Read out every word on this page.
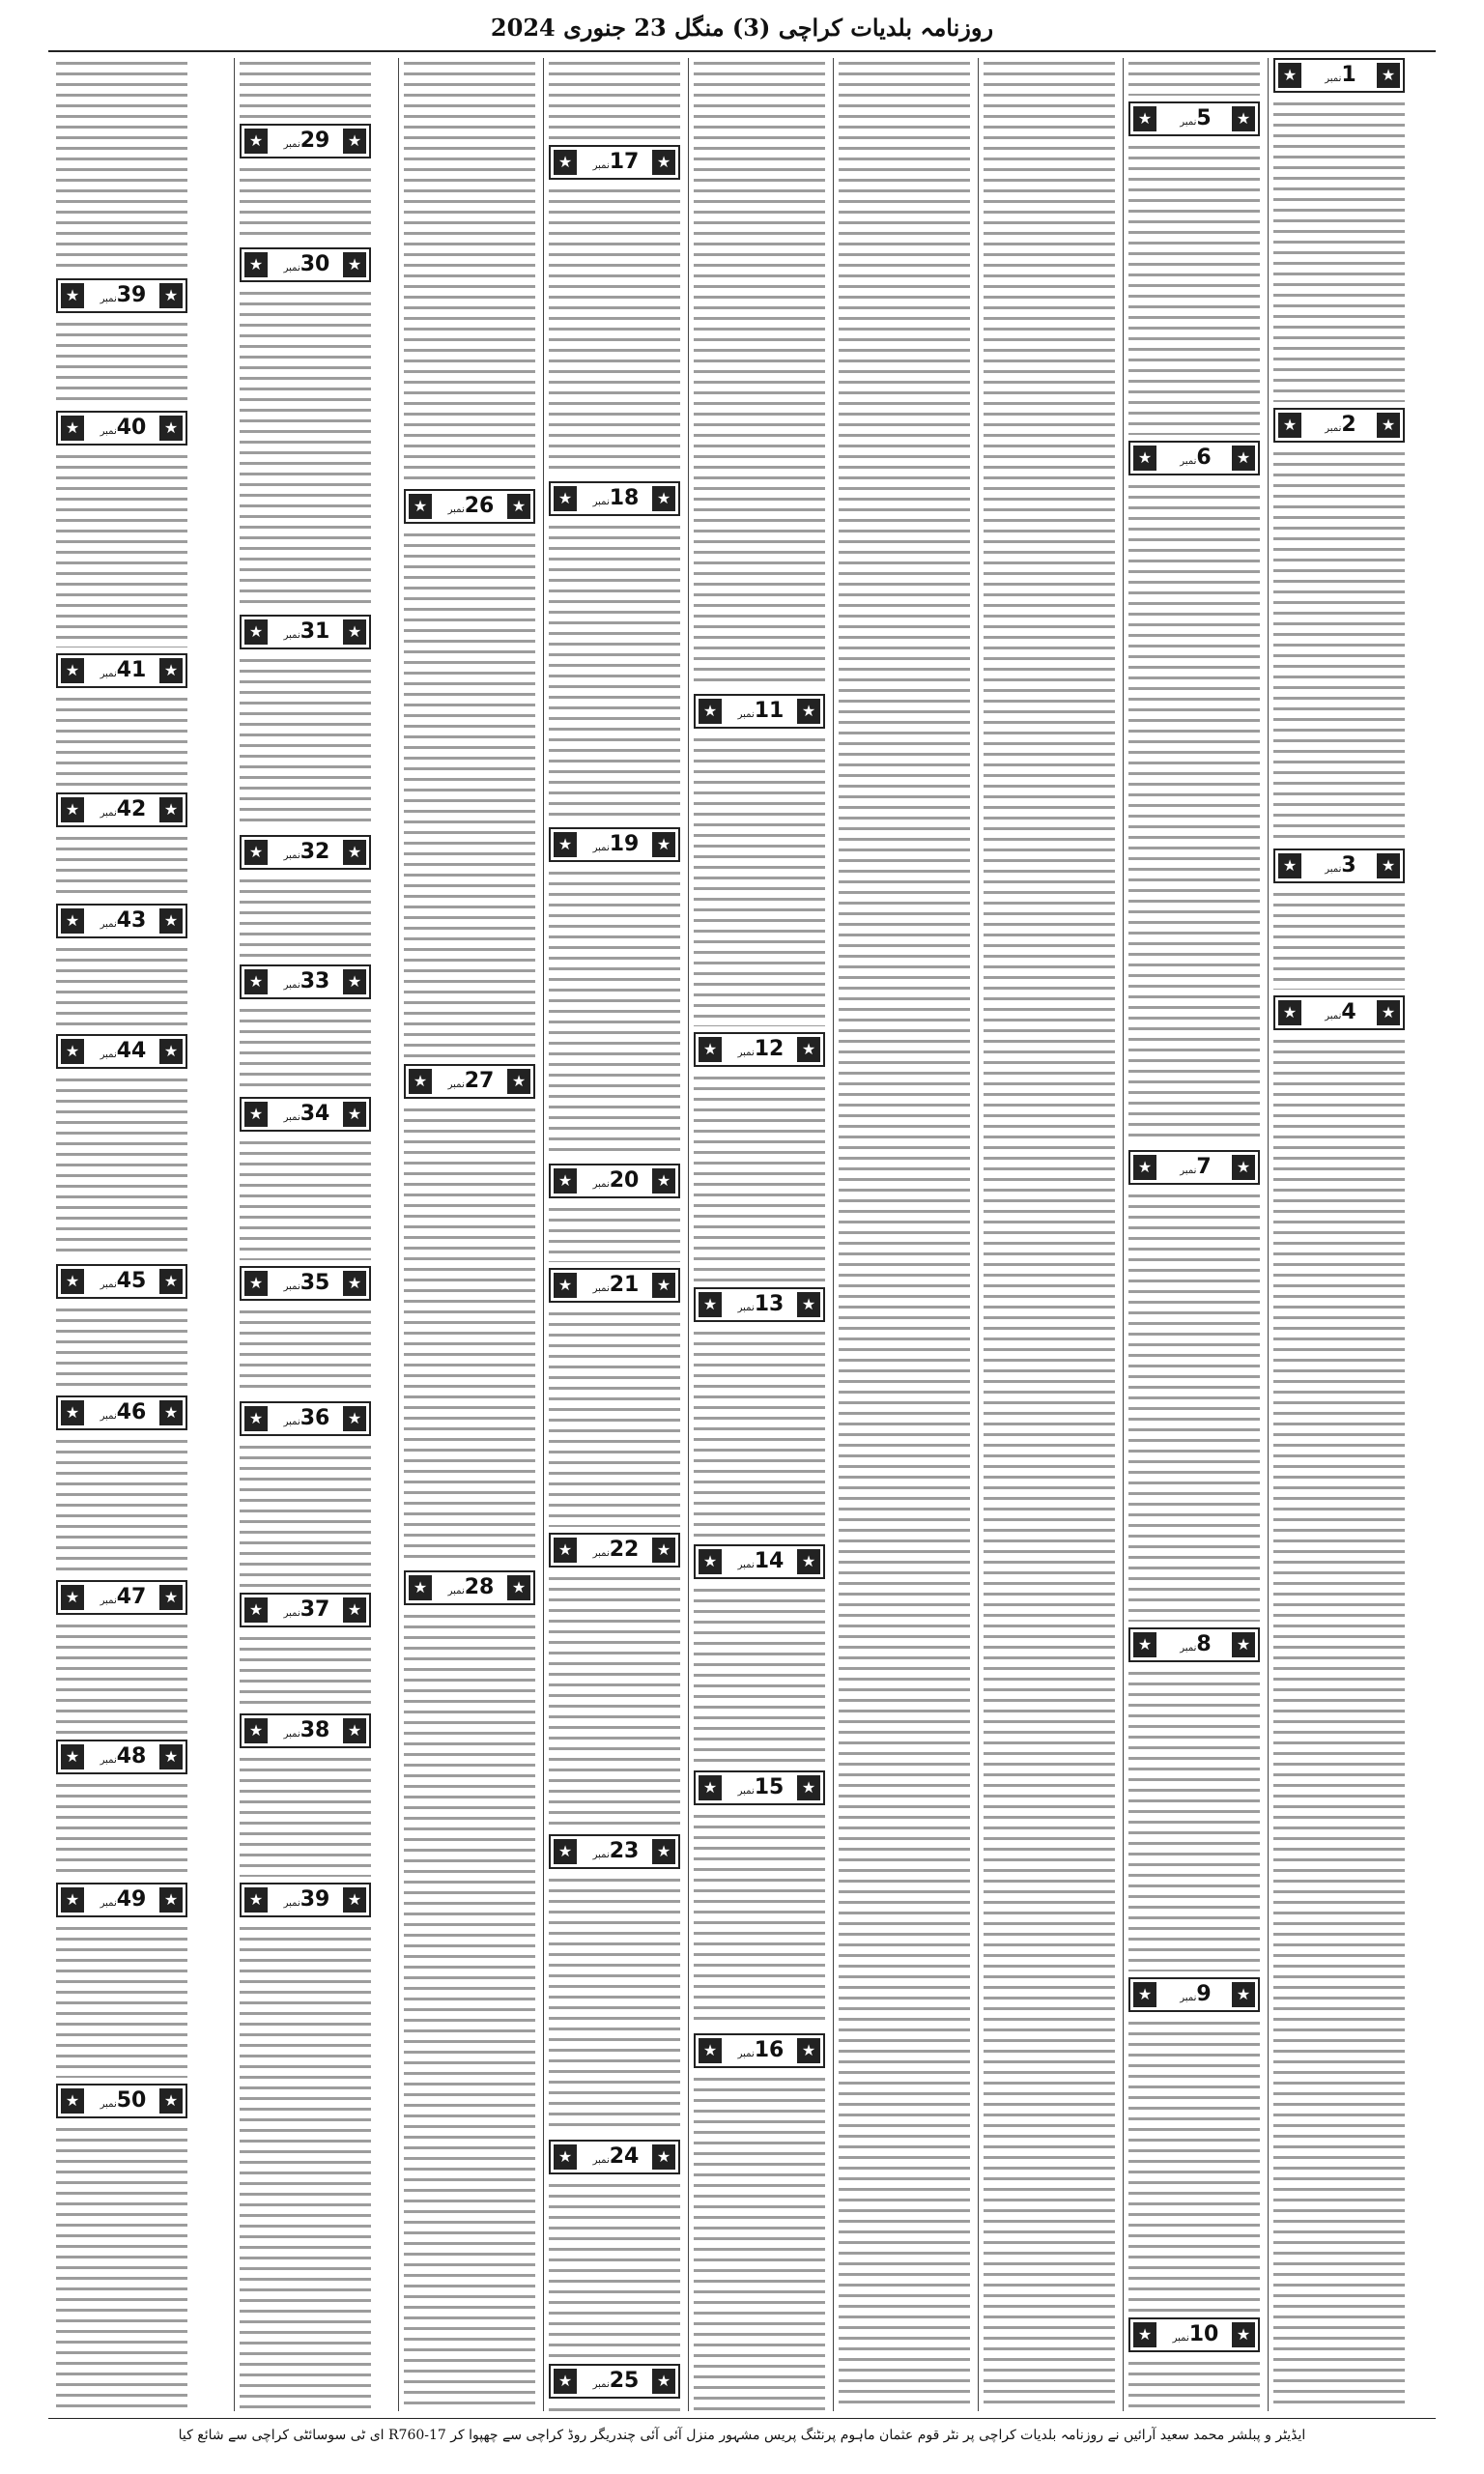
روزنامہ بلدیات کراچی (3) منگل 23 جنوری 2024
★	1نمبر	★
★	2نمبر	★
★	3نمبر	★
★	4نمبر	★
★	5نمبر	★
★	6نمبر	★
★	7نمبر	★
★	8نمبر	★
★	9نمبر	★
★	10نمبر	★
★	11نمبر	★
★	12نمبر	★
★	13نمبر	★
★	14نمبر	★
★	15نمبر	★
★	16نمبر	★
★	17نمبر	★
★	18نمبر	★
★	19نمبر	★
★	20نمبر	★
★	21نمبر	★
★	22نمبر	★
★	23نمبر	★
★	24نمبر	★
★	25نمبر	★
★	26نمبر	★
★	27نمبر	★
★	28نمبر	★
★	29نمبر	★
★	30نمبر	★
★	31نمبر	★
★	32نمبر	★
★	33نمبر	★
★	34نمبر	★
★	35نمبر	★
★	36نمبر	★
★	37نمبر	★
★	38نمبر	★
★	39نمبر	★
★	39نمبر	★
★	40نمبر	★
★	41نمبر	★
★	42نمبر	★
★	43نمبر	★
★	44نمبر	★
★	45نمبر	★
★	46نمبر	★
★	47نمبر	★
★	48نمبر	★
★	49نمبر	★
★	50نمبر	★
ایڈیٹر و پبلشر محمد سعید آرائیں نے روزنامہ بلدیات کراچی پر نٹر قوم عثمان ماہوم پرنٹنگ پریس مشہور منزل آئی آئی چندریگر روڈ کراچی سے چھپوا کر R760-17 ای ٹی سوسائٹی کراچی سے شائع کیا
